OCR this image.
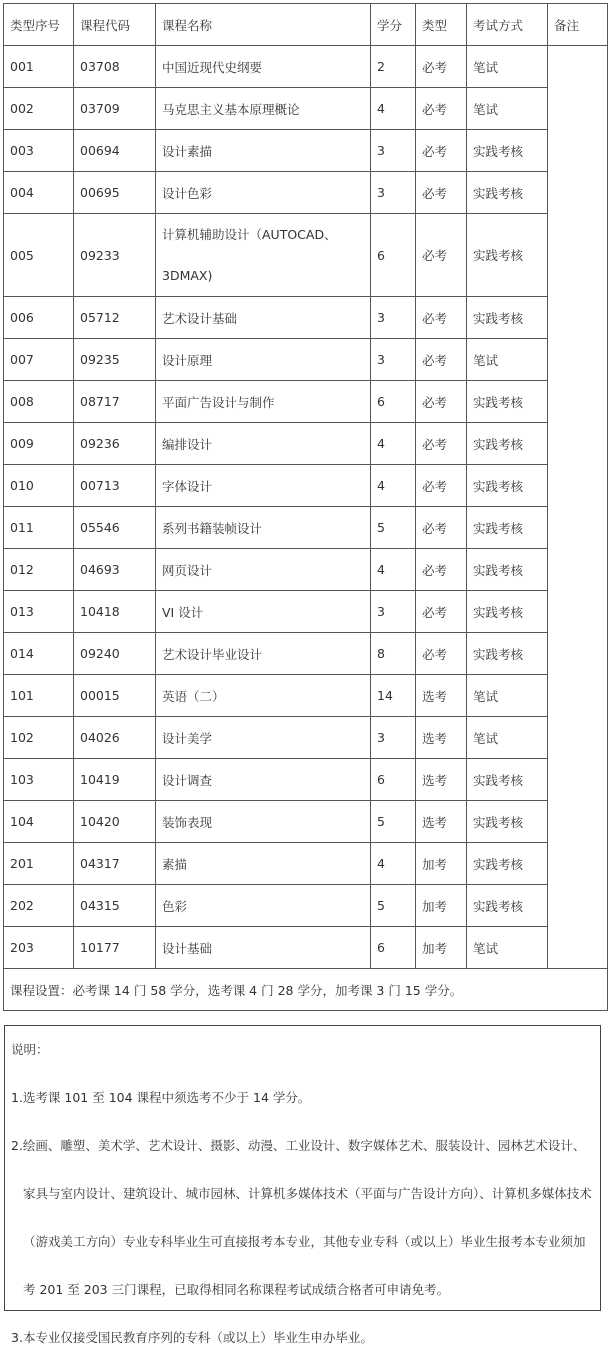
类型序号	课程代码	课程名称	学分	类型	考试方式	备注
001	03708	中国近现代史纲要	2	必考	笔试	
002	03709	马克思主义基本原理概论	4	必考	笔试	
003	00694	设计素描	3	必考	实践考核	
004	00695	设计色彩	3	必考	实践考核	
005	09233	计算机辅助设计（AUTOCAD、3DMAX)	6	必考	实践考核	
006	05712	艺术设计基础	3	必考	实践考核	
007	09235	设计原理	3	必考	笔试	
008	08717	平面广告设计与制作	6	必考	实践考核	
009	09236	编排设计	4	必考	实践考核	
010	00713	字体设计	4	必考	实践考核	
011	05546	系列书籍装帧设计	5	必考	实践考核	
012	04693	网页设计	4	必考	实践考核	
013	10418	VI 设计	3	必考	实践考核	
014	09240	艺术设计毕业设计	8	必考	实践考核	
101	00015	英语（二）	14	选考	笔试	
102	04026	设计美学	3	选考	笔试	
103	10419	设计调查	6	选考	实践考核	
104	10420	装饰表现	5	选考	实践考核	
201	04317	素描	4	加考	实践考核	
202	04315	色彩	5	加考	实践考核	
203	10177	设计基础	6	加考	笔试	
课程设置：必考课 14 门 58 学分，选考课 4 门 28 学分，加考课 3 门 15 学分。						

说明：

1.选考课 101 至 104 课程中须选考不少于 14 学分。

2.绘画、雕塑、美术学、艺术设计、摄影、动漫、工业设计、数字媒体艺术、服装设计、园林艺术设计、家具与室内设计、建筑设计、城市园林、计算机多媒体技术（平面与广告设计方向）、计算机多媒体技术（游戏美工方向）专业专科毕业生可直接报考本专业，其他专业专科（或以上）毕业生报考本专业须加考 201 至 203 三门课程，已取得相同名称课程考试成绩合格者可申请免考。

3.本专业仅接受国民教育序列的专科（或以上）毕业生申办毕业。
